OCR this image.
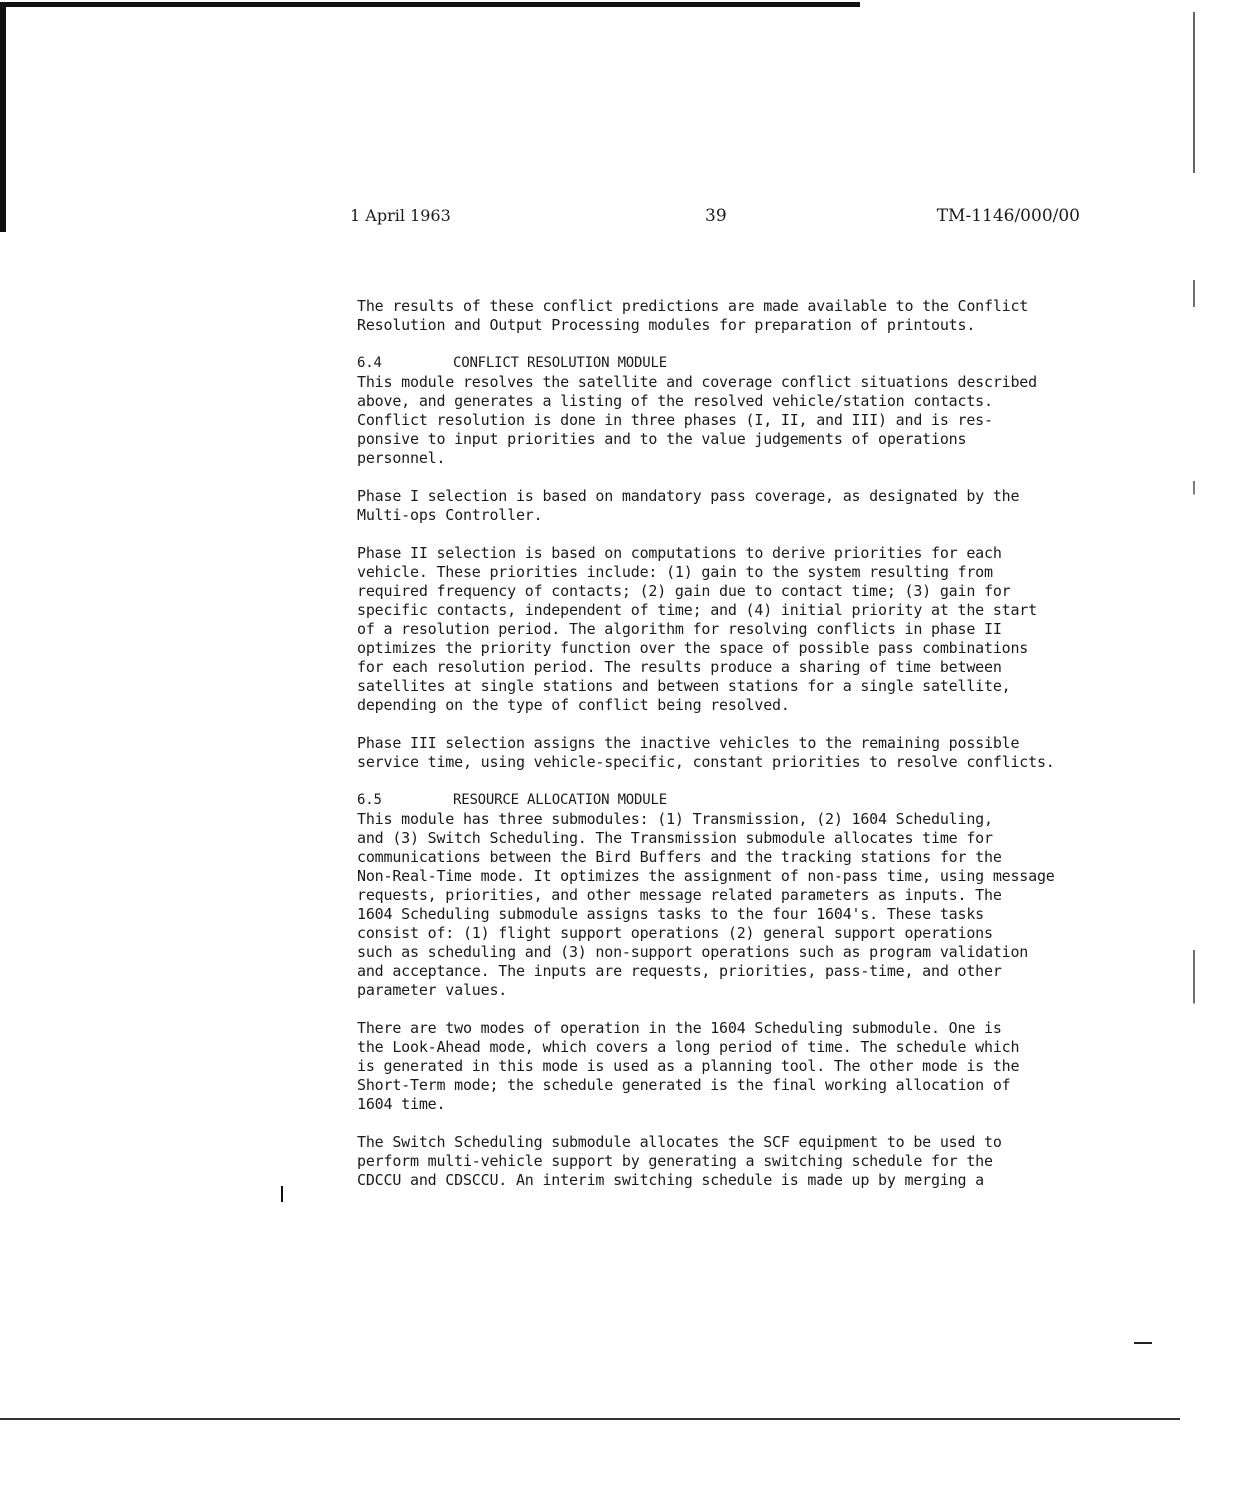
1 April 1963	39	TM-1146/000/00

The results of these conflict predictions are made available to the Conflict

Resolution and Output Processing modules for preparation of printouts.

6.4	CONFLICT RESOLUTION MODULE

This module resolves the satellite and coverage conflict situations described

above, and generates a listing of the resolved vehicle/station contacts.

Conflict resolution is done in three phases (I, II, and III) and is res-

ponsive to input priorities and to the value judgements of operations

personnel.

Phase I selection is based on mandatory pass coverage, as designated by the

Multi-ops Controller.

Phase II selection is based on computations to derive priorities for each

vehicle. These priorities include: (1) gain to the system resulting from

required frequency of contacts; (2) gain due to contact time; (3) gain for

specific contacts, independent of time; and (4) initial priority at the start

of a resolution period. The algorithm for resolving conflicts in phase II

optimizes the priority function over the space of possible pass combinations

for each resolution period. The results produce a sharing of time between

satellites at single stations and between stations for a single satellite,

depending on the type of conflict being resolved.

Phase III selection assigns the inactive vehicles to the remaining possible

service time, using vehicle-specific, constant priorities to resolve conflicts.

6.5	RESOURCE ALLOCATION MODULE

This module has three submodules: (1) Transmission, (2) 1604 Scheduling,

and (3) Switch Scheduling. The Transmission submodule allocates time for

communications between the Bird Buffers and the tracking stations for the

Non-Real-Time mode. It optimizes the assignment of non-pass time, using message

requests, priorities, and other message related parameters as inputs. The

1604 Scheduling submodule assigns tasks to the four 1604's. These tasks

consist of: (1) flight support operations (2) general support operations

such as scheduling and (3) non-support operations such as program validation

and acceptance. The inputs are requests, priorities, pass-time, and other

parameter values.

There are two modes of operation in the 1604 Scheduling submodule. One is

the Look-Ahead mode, which covers a long period of time. The schedule which

is generated in this mode is used as a planning tool. The other mode is the

Short-Term mode; the schedule generated is the final working allocation of

1604 time.

The Switch Scheduling submodule allocates the SCF equipment to be used to

perform multi-vehicle support by generating a switching schedule for the

CDCCU and CDSCCU. An interim switching schedule is made up by merging a
